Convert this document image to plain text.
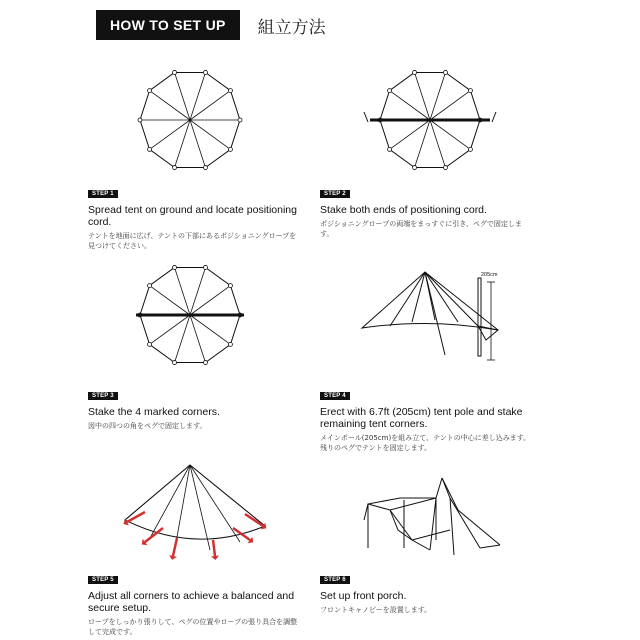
HOW TO SET UP	組立方法
205cm
STEP 1
Spread tent on ground and locate positioning cord.
テントを地面に広げ、テントの下部にあるポジショニングロープを見つけてください。
STEP 2
Stake both ends of positioning cord.
ポジショニングロープの両端をまっすぐに引き、ペグで固定します。
STEP 3
Stake the 4 marked corners.
図中の四つの角をペグで固定します。
STEP 4
Erect with 6.7ft (205cm) tent pole and stake remaining tent corners.
メインポール(205cm)を組み立て、テントの中心に差し込みます。残りのペグでテントを固定します。
STEP 5
Adjust all corners to achieve a balanced and secure setup.
ロープをしっかり張りして、ペグの位置やロープの張り具合を調整して完成です。
STEP 6
Set up front porch.
フロントキャノピーを設置します。
